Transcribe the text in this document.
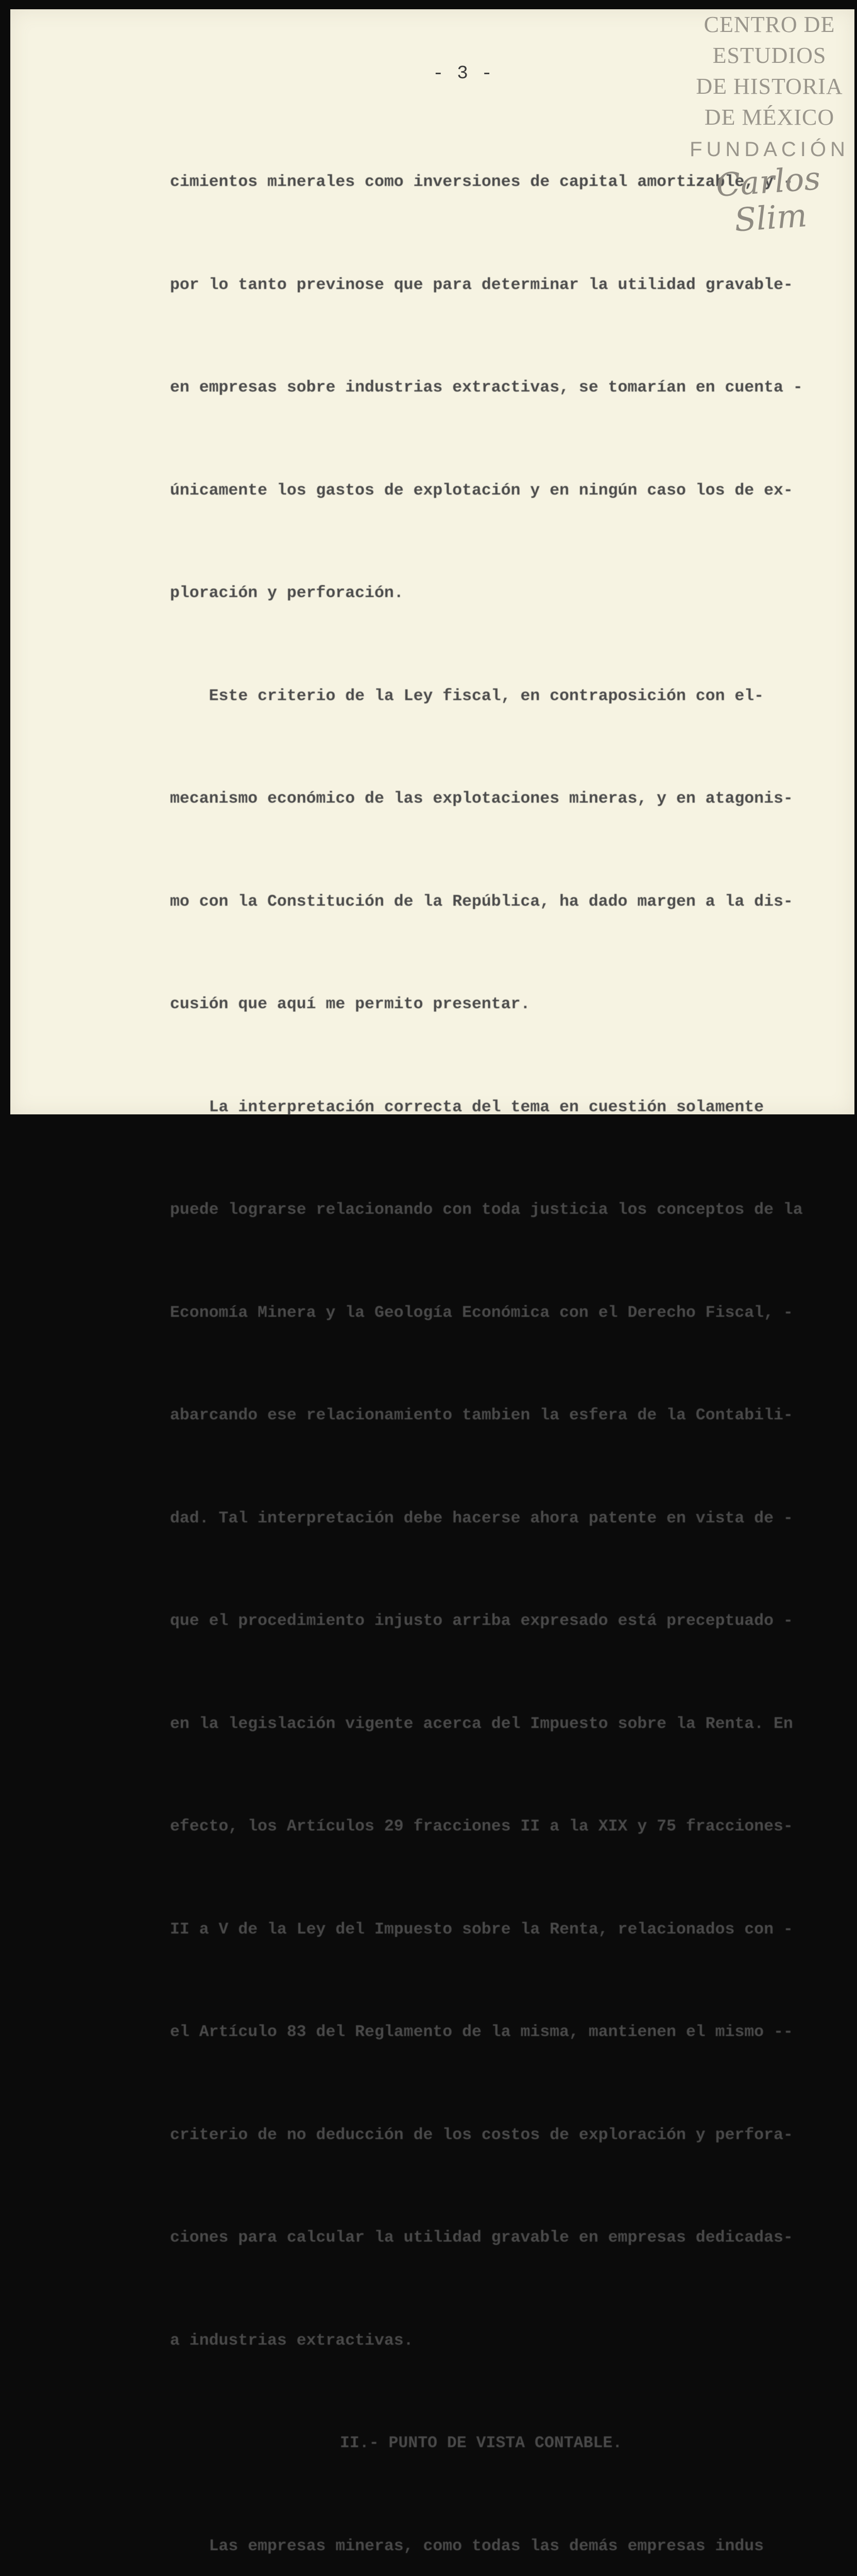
- 3 -

cimientos minerales como inversiones de capital amortizable, y -

por lo tanto previnose que para determinar la utilidad gravable-

en empresas sobre industrias extractivas, se tomarían en cuenta -

únicamente los gastos de explotación y en ningún caso los de ex-

ploración y perforación.

Este criterio de la Ley fiscal, en contraposición con el-

mecanismo económico de las explotaciones mineras, y en atagonis-

mo con la Constitución de la República, ha dado margen a la dis-

cusión que aquí me permito presentar.

La interpretación correcta del tema en cuestión solamente

puede lograrse relacionando con toda justicia los conceptos de la

Economía Minera y la Geología Económica con el Derecho Fiscal, -

abarcando ese relacionamiento tambien la esfera de la Contabili-

dad. Tal interpretación debe hacerse ahora patente en vista de -

que el procedimiento injusto arriba expresado está preceptuado -

en la legislación vigente acerca del Impuesto sobre la Renta. En

efecto, los Artículos 29 fracciones II a la XIX y 75 fracciones-

II a V de la Ley del Impuesto sobre la Renta, relacionados con -

el Artículo 83 del Reglamento de la misma, mantienen el mismo --

criterio de no deducción de los costos de exploración y perfora-

ciones para calcular la utilidad gravable en empresas dedicadas-

a industrias extractivas.

II.- PUNTO DE VISTA CONTABLE.

Las empresas mineras, como todas las demás empresas indus

CENTRO DE
ESTUDIOS
DE HISTORIA
DE MÉXICO
FUNDACIÓN
Carlos Slim
